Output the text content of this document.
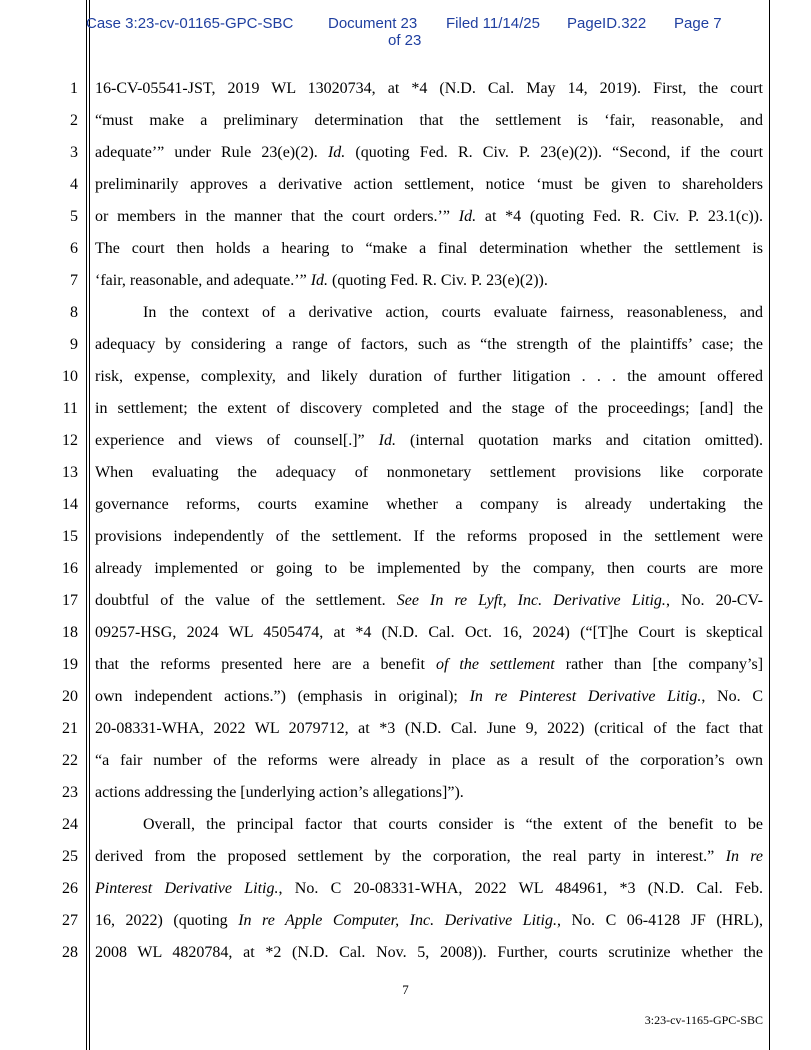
Case 3:23-cv-01165-GPC-SBC Document 23 Filed 11/14/25 PageID.322 Page 7
of 23
1
2
3
4
5
6
7
8
9
10
11
12
13
14
15
16
17
18
19
20
21
22
23
24
25
26
27
28
16-CV-05541-JST, 2019 WL 13020734, at *4 (N.D. Cal. May 14, 2019). First, the court
“must make a preliminary determination that the settlement is ‘fair, reasonable, and
adequate’” under Rule 23(e)(2). Id. (quoting Fed. R. Civ. P. 23(e)(2)). “Second, if the court
preliminarily approves a derivative action settlement, notice ‘must be given to shareholders
or members in the manner that the court orders.’” Id. at *4 (quoting Fed. R. Civ. P. 23.1(c)).
The court then holds a hearing to “make a final determination whether the settlement is
‘fair, reasonable, and adequate.’” Id. (quoting Fed. R. Civ. P. 23(e)(2)).
In the context of a derivative action, courts evaluate fairness, reasonableness, and
adequacy by considering a range of factors, such as “the strength of the plaintiffs’ case; the
risk, expense, complexity, and likely duration of further litigation . . . the amount offered
in settlement; the extent of discovery completed and the stage of the proceedings; [and] the
experience and views of counsel[.]” Id. (internal quotation marks and citation omitted).
When evaluating the adequacy of nonmonetary settlement provisions like corporate
governance reforms, courts examine whether a company is already undertaking the
provisions independently of the settlement. If the reforms proposed in the settlement were
already implemented or going to be implemented by the company, then courts are more
doubtful of the value of the settlement. See In re Lyft, Inc. Derivative Litig., No. 20-CV-
09257-HSG, 2024 WL 4505474, at *4 (N.D. Cal. Oct. 16, 2024) (“[T]he Court is skeptical
that the reforms presented here are a benefit of the settlement rather than [the company’s]
own independent actions.”) (emphasis in original); In re Pinterest Derivative Litig., No. C
20-08331-WHA, 2022 WL 2079712, at *3 (N.D. Cal. June 9, 2022) (critical of the fact that
“a fair number of the reforms were already in place as a result of the corporation’s own
actions addressing the [underlying action’s allegations]”).
Overall, the principal factor that courts consider is “the extent of the benefit to be
derived from the proposed settlement by the corporation, the real party in interest.” In re
Pinterest Derivative Litig., No. C 20-08331-WHA, 2022 WL 484961, *3 (N.D. Cal. Feb.
16, 2022) (quoting In re Apple Computer, Inc. Derivative Litig., No. C 06-4128 JF (HRL),
2008 WL 4820784, at *2 (N.D. Cal. Nov. 5, 2008)). Further, courts scrutinize whether the
7
3:23-cv-1165-GPC-SBC
